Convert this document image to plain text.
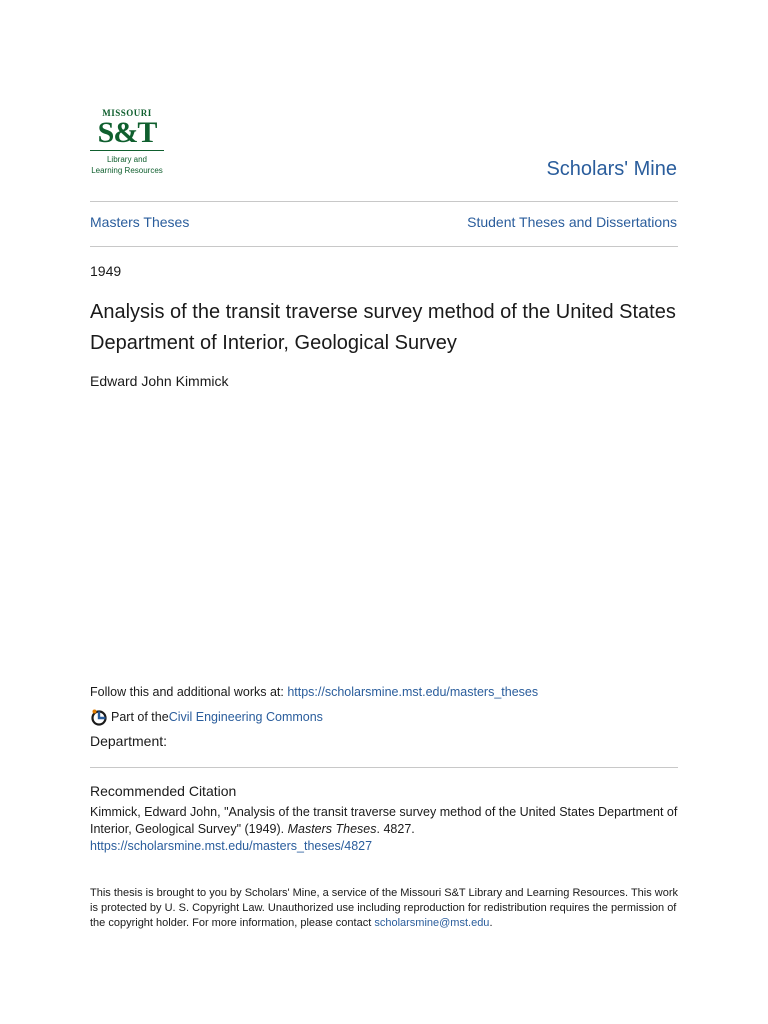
MISSOURI
S&T
Library and
Learning Resources	Scholars' Mine
Masters Theses	Student Theses and Dissertations
1949
Analysis of the transit traverse survey method of the United States Department of Interior, Geological Survey
Edward John Kimmick
Follow this and additional works at: https://scholarsmine.mst.edu/masters_theses
Part of the Civil Engineering Commons
Department:
Recommended Citation
Kimmick, Edward John, "Analysis of the transit traverse survey method of the United States Department of Interior, Geological Survey" (1949). Masters Theses. 4827.
https://scholarsmine.mst.edu/masters_theses/4827
This thesis is brought to you by Scholars' Mine, a service of the Missouri S&T Library and Learning Resources. This work is protected by U. S. Copyright Law. Unauthorized use including reproduction for redistribution requires the permission of the copyright holder. For more information, please contact scholarsmine@mst.edu.
